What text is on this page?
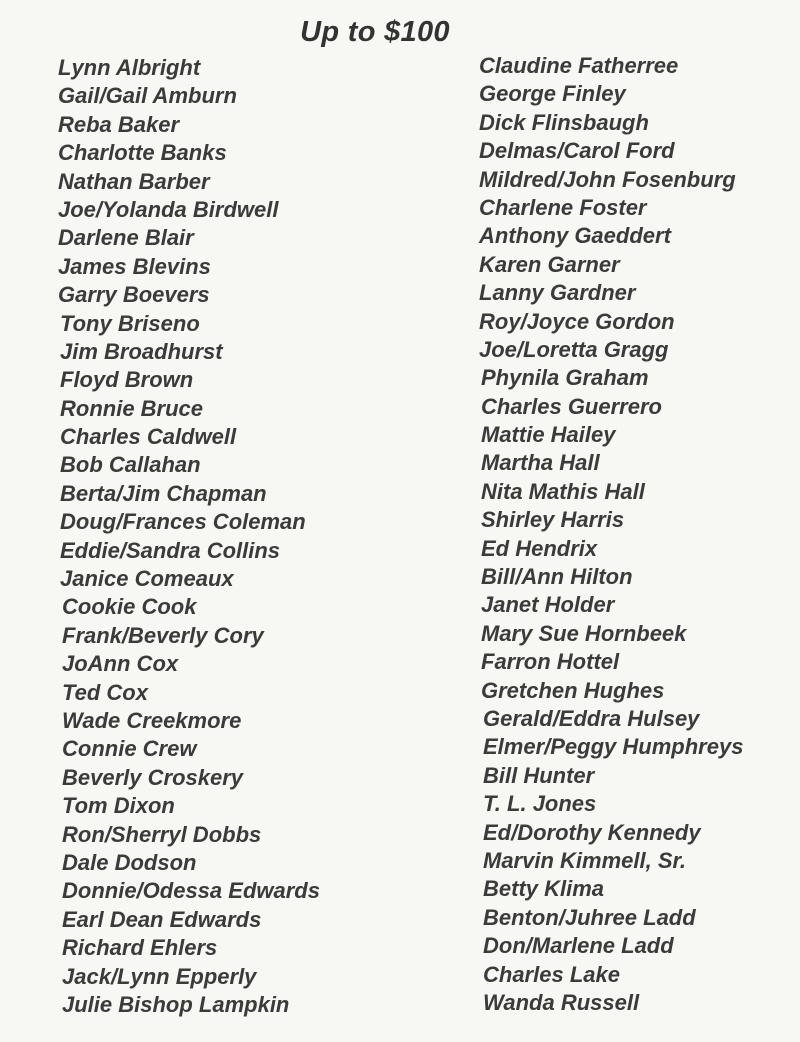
Up to $100
Lynn Albright
Gail/Gail Amburn
Reba Baker
Charlotte Banks
Nathan Barber
Joe/Yolanda Birdwell
Darlene Blair
James Blevins
Garry Boevers
Tony Briseno
Jim Broadhurst
Floyd Brown
Ronnie Bruce
Charles Caldwell
Bob Callahan
Berta/Jim Chapman
Doug/Frances Coleman
Eddie/Sandra Collins
Janice Comeaux
Cookie Cook
Frank/Beverly Cory
JoAnn Cox
Ted Cox
Wade Creekmore
Connie Crew
Beverly Croskery
Tom Dixon
Ron/Sherryl Dobbs
Dale Dodson
Donnie/Odessa Edwards
Earl Dean Edwards
Richard Ehlers
Jack/Lynn Epperly
Julie Bishop Lampkin
Claudine Fatherree
George Finley
Dick Flinsbaugh
Delmas/Carol Ford
Mildred/John Fosenburg
Charlene Foster
Anthony Gaeddert
Karen Garner
Lanny Gardner
Roy/Joyce Gordon
Joe/Loretta Gragg
Phynila Graham
Charles Guerrero
Mattie Hailey
Martha Hall
Nita Mathis Hall
Shirley Harris
Ed Hendrix
Bill/Ann Hilton
Janet Holder
Mary Sue Hornbeek
Farron Hottel
Gretchen Hughes
Gerald/Eddra Hulsey
Elmer/Peggy Humphreys
Bill Hunter
T. L. Jones
Ed/Dorothy Kennedy
Marvin Kimmell, Sr.
Betty Klima
Benton/Juhree Ladd
Don/Marlene Ladd
Charles Lake
Wanda Russell
